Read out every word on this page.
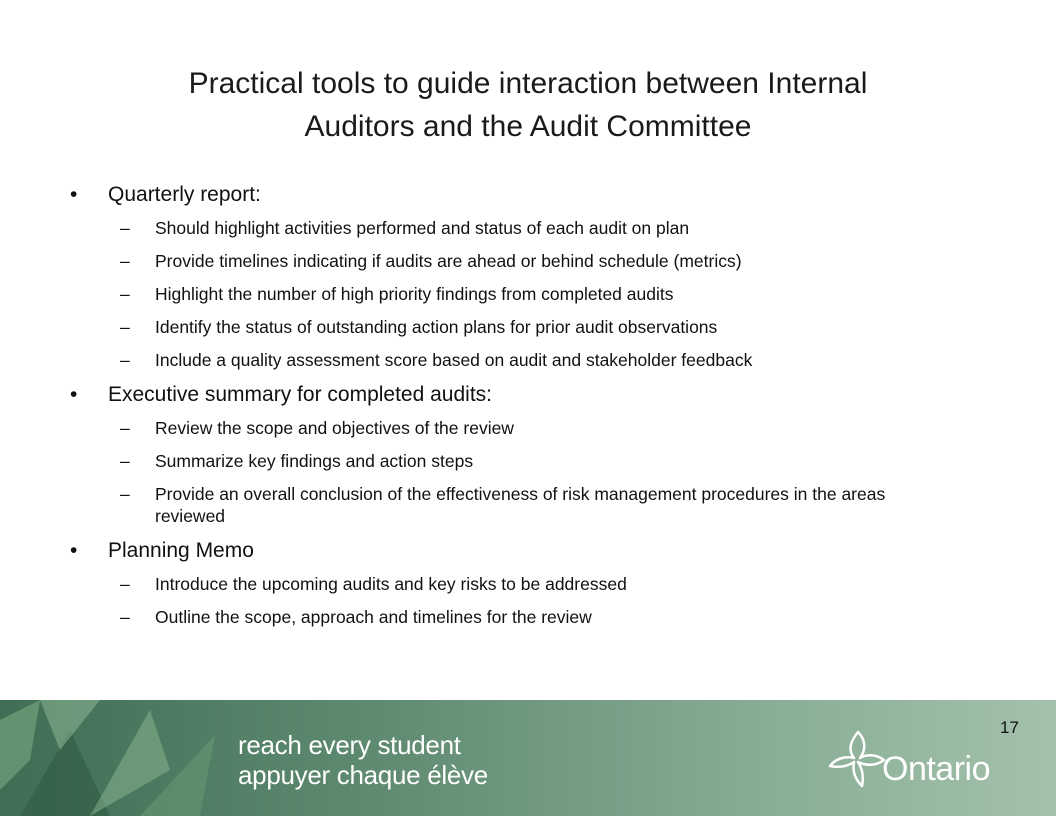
Practical tools to guide interaction between Internal
Auditors and the Audit Committee
• Quarterly report:
– Should highlight activities performed and status of each audit on plan
– Provide timelines indicating if audits are ahead or behind schedule (metrics)
– Highlight the number of high priority findings from completed audits
– Identify the status of outstanding action plans for prior audit observations
– Include a quality assessment score based on audit and stakeholder feedback
• Executive summary for completed audits:
– Review the scope and objectives of the review
– Summarize key findings and action steps
– Provide an overall conclusion of the effectiveness of risk management procedures in the areas reviewed
• Planning Memo
– Introduce the upcoming audits and key risks to be addressed
– Outline the scope, approach and timelines for the review
reach every student
appuyer chaque élève
17
Ontario
